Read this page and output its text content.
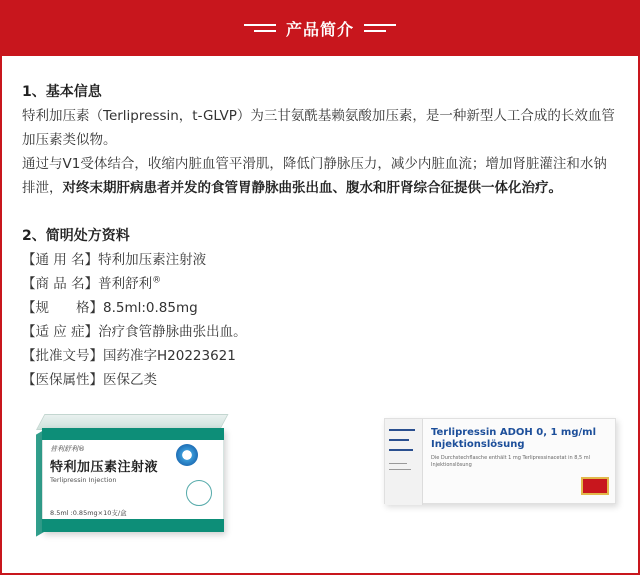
产品简介
1、基本信息

特利加压素（Terlipressin，t-GLVP）为三甘氨酰基赖氨酸加压素，是一种新型人工合成的长效血管加压素类似物。

通过与V1受体结合，收缩内脏血管平滑肌，降低门静脉压力，减少内脏血流；增加肾脏灌注和水钠排泄，对终末期肝病患者并发的食管胃静脉曲张出血、腹水和肝肾综合征提供一体化治疗。

2、简明处方资料
【通 用 名】特利加压素注射液
【商 品 名】普利舒利®
【规　　格】8.5ml:0.85mg
【适 应 症】治疗食管静脉曲张出血。
【批准文号】国药准字H20223621
【医保属性】医保乙类
普利舒利®
特利加压素注射液
Terlipressin Injection
8.5ml :0.85mg×10支/盒
Terlipressin ADOH 0, 1 mg/ml
Injektionslösung
Die Durchstechflasche enthält 1 mg Terlipressinacetat in 8,5 ml Injektionslösung
